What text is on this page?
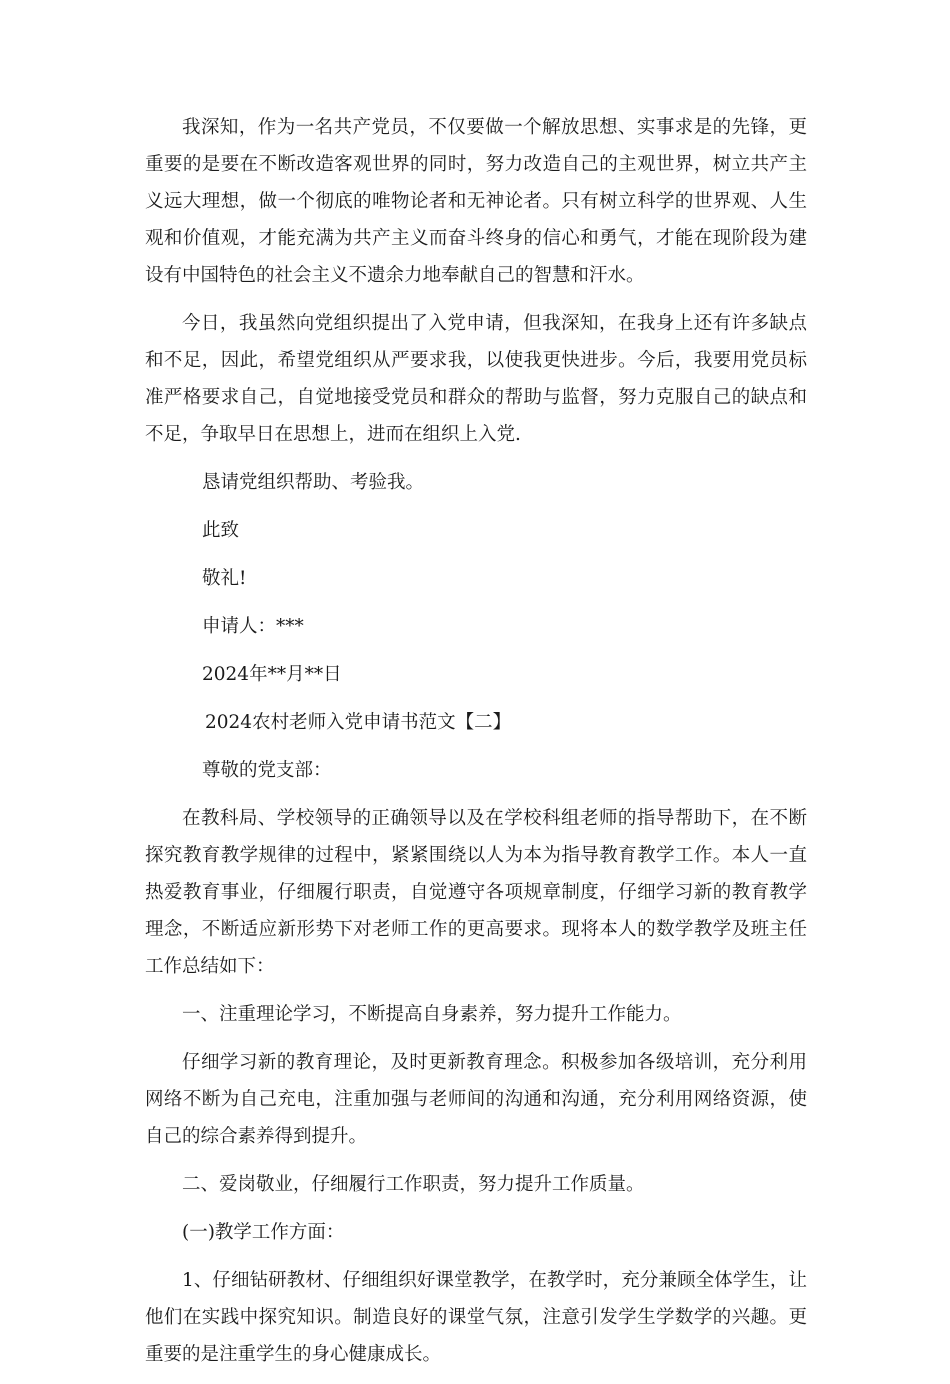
我深知，作为一名共产党员，不仅要做一个解放思想、实事求是的先锋，更重要的是要在不断改造客观世界的同时，努力改造自己的主观世界，树立共产主义远大理想，做一个彻底的唯物论者和无神论者。只有树立科学的世界观、人生观和价值观，才能充满为共产主义而奋斗终身的信心和勇气，才能在现阶段为建设有中国特色的社会主义不遗余力地奉献自己的智慧和汗水。

今日，我虽然向党组织提出了入党申请，但我深知，在我身上还有许多缺点和不足，因此，希望党组织从严要求我，以使我更快进步。今后，我要用党员标准严格要求自己，自觉地接受党员和群众的帮助与监督，努力克服自己的缺点和不足，争取早日在思想上，进而在组织上入党.

恳请党组织帮助、考验我。

此致

敬礼!

申请人：***

2024年**月**日

2024农村老师入党申请书范文【二】

尊敬的党支部：

在教科局、学校领导的正确领导以及在学校科组老师的指导帮助下，在不断探究教育教学规律的过程中，紧紧围绕以人为本为指导教育教学工作。本人一直热爱教育事业，仔细履行职责，自觉遵守各项规章制度，仔细学习新的教育教学理念，不断适应新形势下对老师工作的更高要求。现将本人的数学教学及班主任工作总结如下：

一、注重理论学习，不断提高自身素养，努力提升工作能力。

仔细学习新的教育理论，及时更新教育理念。积极参加各级培训，充分利用网络不断为自己充电，注重加强与老师间的沟通和沟通，充分利用网络资源，使自己的综合素养得到提升。

二、爱岗敬业，仔细履行工作职责，努力提升工作质量。

(一)教学工作方面：

1、仔细钻研教材、仔细组织好课堂教学，在教学时，充分兼顾全体学生，让他们在实践中探究知识。制造良好的课堂气氛，注意引发学生学数学的兴趣。更重要的是注重学生的身心健康成长。
